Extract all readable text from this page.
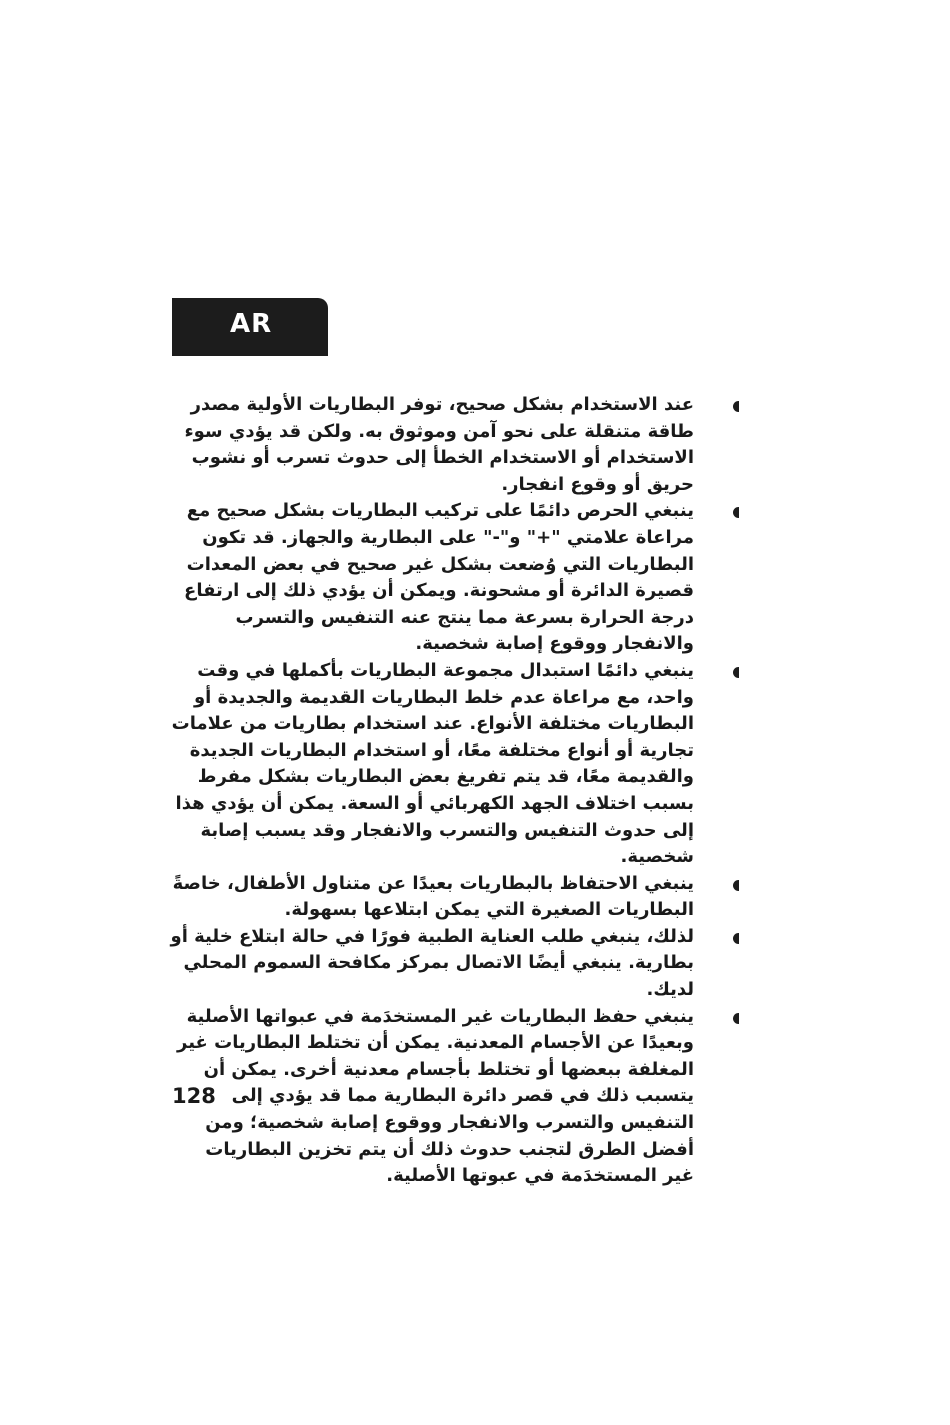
AR
عند الاستخدام بشكل صحيح، توفر البطاريات الأولية مصدر طاقة متنقلة على نحو آمن وموثوق به. ولكن قد يؤدي سوء الاستخدام أو الاستخدام الخطأ إلى حدوث تسرب أو نشوب حريق أو وقوع انفجار.
ينبغي الحرص دائمًا على تركيب البطاريات بشكل صحيح مع مراعاة علامتي "+" و"-" على البطارية والجهاز. قد تكون البطاريات التي وُضعت بشكل غير صحيح في بعض المعدات قصيرة الدائرة أو مشحونة. ويمكن أن يؤدي ذلك إلى ارتفاع درجة الحرارة بسرعة مما ينتج عنه التنفيس والتسرب والانفجار ووقوع إصابة شخصية.
ينبغي دائمًا استبدال مجموعة البطاريات بأكملها في وقت واحد، مع مراعاة عدم خلط البطاريات القديمة والجديدة أو البطاريات مختلفة الأنواع. عند استخدام بطاريات من علامات تجارية أو أنواع مختلفة معًا، أو استخدام البطاريات الجديدة والقديمة معًا، قد يتم تفريغ بعض البطاريات بشكل مفرط بسبب اختلاف الجهد الكهربائي أو السعة. يمكن أن يؤدي هذا إلى حدوث التنفيس والتسرب والانفجار وقد يسبب إصابة شخصية.
ينبغي الاحتفاظ بالبطاريات بعيدًا عن متناول الأطفال، خاصةً البطاريات الصغيرة التي يمكن ابتلاعها بسهولة.
لذلك، ينبغي طلب العناية الطبية فورًا في حالة ابتلاع خلية أو بطارية. ينبغي أيضًا الاتصال بمركز مكافحة السموم المحلي لديك.
ينبغي حفظ البطاريات غير المستخدَمة في عبواتها الأصلية وبعيدًا عن الأجسام المعدنية. يمكن أن تختلط البطاريات غير المغلفة ببعضها أو تختلط بأجسام معدنية أخرى. يمكن أن يتسبب ذلك في قصر دائرة البطارية مما قد يؤدي إلى التنفيس والتسرب والانفجار ووقوع إصابة شخصية؛ ومن أفضل الطرق لتجنب حدوث ذلك أن يتم تخزين البطاريات غير المستخدَمة في عبوتها الأصلية.
128
